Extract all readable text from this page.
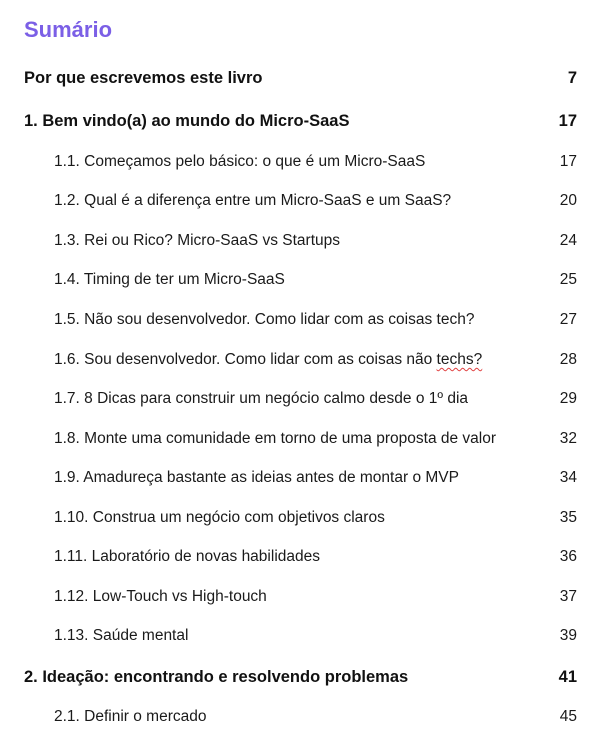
Sumário
Por que escrevemos este livro	7
1. Bem vindo(a) ao mundo do Micro-SaaS	17
1.1. Começamos pelo básico: o que é um Micro-SaaS	17
1.2. Qual é a diferença entre um Micro-SaaS e um SaaS?	20
1.3. Rei ou Rico? Micro-SaaS vs Startups	24
1.4. Timing de ter um Micro-SaaS	25
1.5. Não sou desenvolvedor. Como lidar com as coisas tech?	27
1.6. Sou desenvolvedor. Como lidar com as coisas não techs?	28
1.7. 8 Dicas para construir um negócio calmo desde o 1º dia	29
1.8. Monte uma comunidade em torno de uma proposta de valor	32
1.9. Amadureça bastante as ideias antes de montar o MVP	34
1.10. Construa um negócio com objetivos claros	35
1.11. Laboratório de novas habilidades	36
1.12. Low-Touch vs High-touch	37
1.13. Saúde mental	39
2. Ideação: encontrando e resolvendo problemas	41
2.1. Definir o mercado	45
